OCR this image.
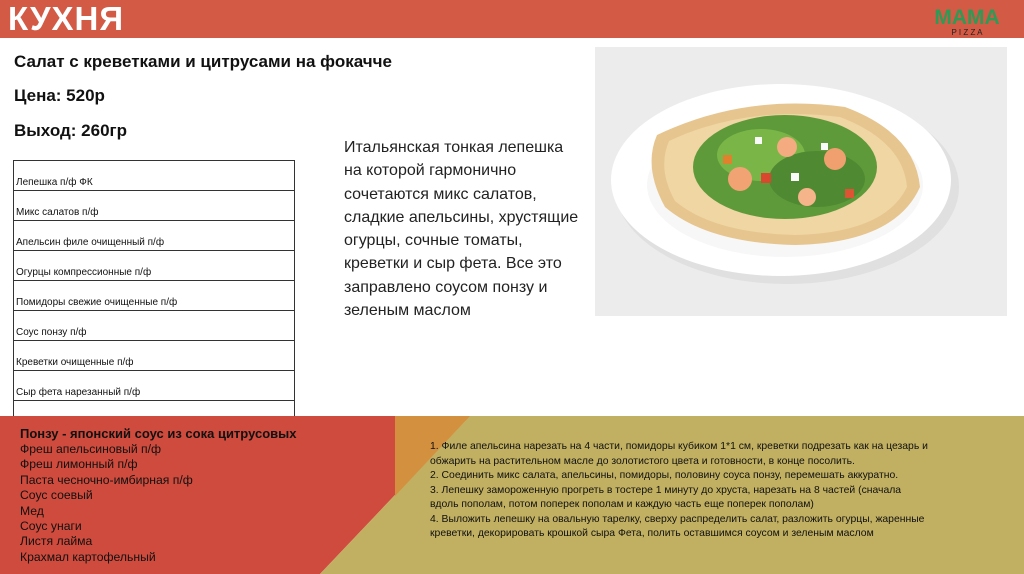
КУХНЯ	MAMA
P I Z Z A
Салат с креветками и цитрусами на фокачче
Цена: 520р
Выход: 260гр
Лепешка п/ф ФК
Микс салатов п/ф
Апельсин филе очищенный п/ф
Огурцы компрессионные п/ф
Помидоры свежие очищенные п/ф
Соус понзу п/ф
Креветки очищенные п/ф
Сыр фета нарезанный п/ф

Итальянская тонкая лепешка на которой гармонично сочетаются микс салатов, сладкие апельсины, хрустящие огурцы, сочные томаты, креветки и сыр фета. Все это заправлено соусом понзу и зеленым маслом
Понзу - японский соус из сока цитрусовых
Фреш апельсиновый п/ф
Фреш лимонный п/ф
Паста чесночно-имбирная п/ф
Соус соевый
Мед
Соус унаги
Листя лайма
Крахмал картофельный
1. Филе апельсина нарезать на 4 части, помидоры кубиком 1*1 см, креветки подрезать как на цезарь и обжарить на растительном масле до золотистого цвета и готовности, в конце посолить.
2. Соединить микс салата, апельсины, помидоры, половину соуса понзу, перемешать аккуратно.
3. Лепешку замороженную прогреть в тостере 1 минуту до хруста, нарезать на 8 частей (сначала вдоль пополам, потом поперек пополам и каждую часть еще поперек пополам)
4. Выложить лепешку на овальную тарелку, сверху распределить салат, разложить огурцы, жаренные креветки, декорировать крошкой сыра Фета, полить оставшимся соусом и зеленым маслом
